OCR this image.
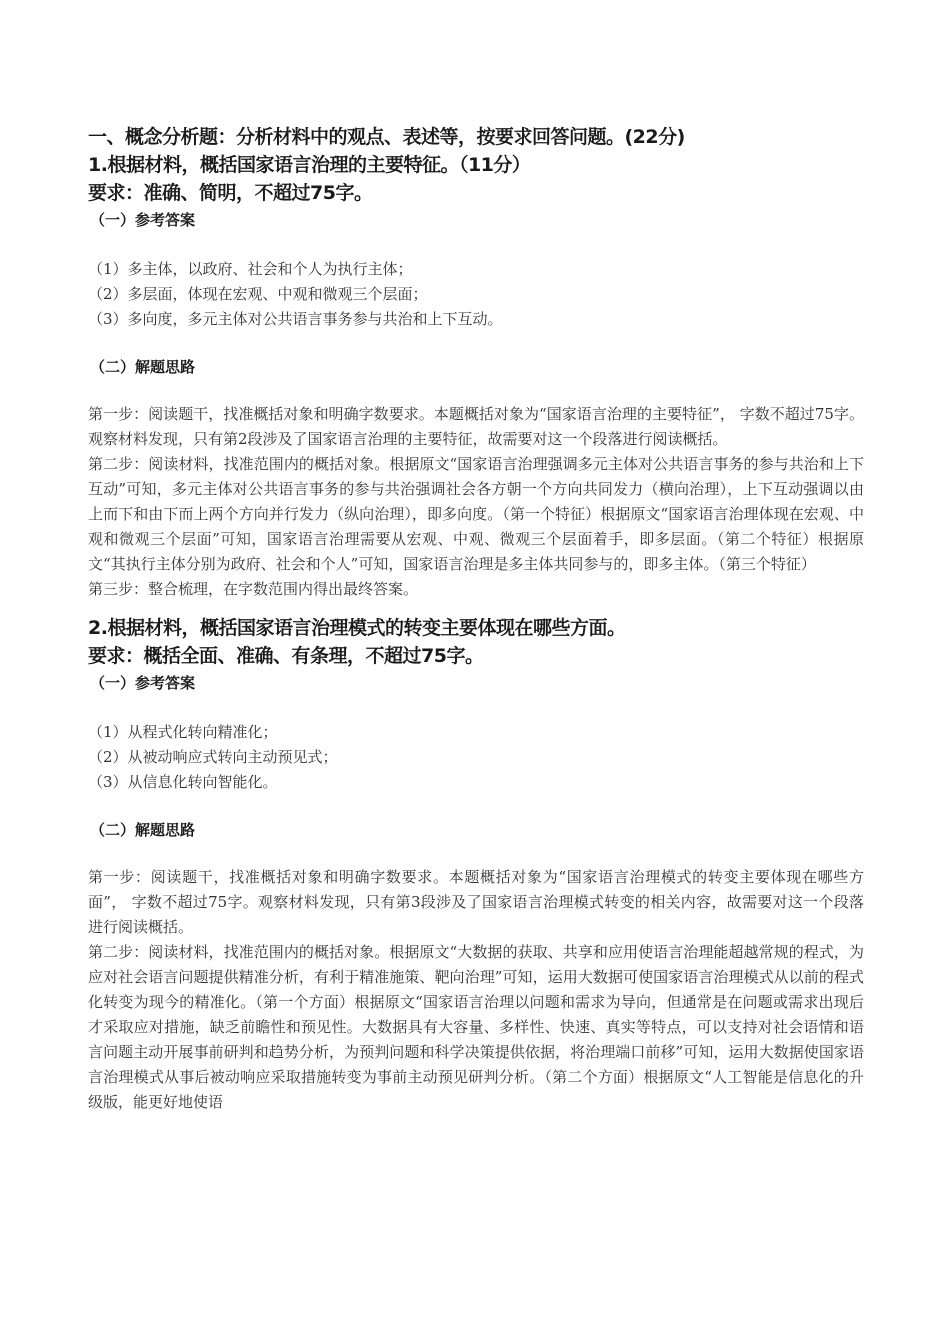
一、概念分析题：分析材料中的观点、表述等，按要求回答问题。(22分)
1.根据材料，概括国家语言治理的主要特征。（11分）
要求：准确、简明，不超过75字。
（一）参考答案
（1）多主体，以政府、社会和个人为执行主体；
（2）多层面，体现在宏观、中观和微观三个层面；
（3）多向度，多元主体对公共语言事务参与共治和上下互动。
（二）解题思路

第一步：阅读题干，找准概括对象和明确字数要求。本题概括对象为“国家语言治理的主要特征”， 字数不超过75字。观察材料发现，只有第2段涉及了国家语言治理的主要特征，故需要对这一个段落进行阅读概括。

第二步：阅读材料，找准范围内的概括对象。根据原文“国家语言治理强调多元主体对公共语言事务的参与共治和上下互动”可知，多元主体对公共语言事务的参与共治强调社会各方朝一个方向共同发力（横向治理），上下互动强调以由上而下和由下而上两个方向并行发力（纵向治理），即多向度。（第一个特征）根据原文“国家语言治理体现在宏观、中观和微观三个层面”可知，国家语言治理需要从宏观、中观、微观三个层面着手，即多层面。（第二个特征）根据原文“其执行主体分别为政府、社会和个人”可知，国家语言治理是多主体共同参与的，即多主体。（第三个特征）

第三步：整合梳理，在字数范围内得出最终答案。

2.根据材料，概括国家语言治理模式的转变主要体现在哪些方面。
要求：概括全面、准确、有条理，不超过75字。
（一）参考答案
（1）从程式化转向精准化；
（2）从被动响应式转向主动预见式；
（3）从信息化转向智能化。
（二）解题思路

第一步：阅读题干，找准概括对象和明确字数要求。本题概括对象为“国家语言治理模式的转变主要体现在哪些方面”， 字数不超过75字。观察材料发现，只有第3段涉及了国家语言治理模式转变的相关内容，故需要对这一个段落进行阅读概括。

第二步：阅读材料，找准范围内的概括对象。根据原文“大数据的获取、共享和应用使语言治理能超越常规的程式，为应对社会语言问题提供精准分析，有利于精准施策、靶向治理”可知，运用大数据可使国家语言治理模式从以前的程式化转变为现今的精准化。（第一个方面）根据原文“国家语言治理以问题和需求为导向，但通常是在问题或需求出现后才采取应对措施，缺乏前瞻性和预见性。大数据具有大容量、多样性、快速、真实等特点，可以支持对社会语情和语言问题主动开展事前研判和趋势分析，为预判问题和科学决策提供依据，将治理端口前移”可知，运用大数据使国家语言治理模式从事后被动响应采取措施转变为事前主动预见研判分析。（第二个方面）根据原文“人工智能是信息化的升级版，能更好地使语
